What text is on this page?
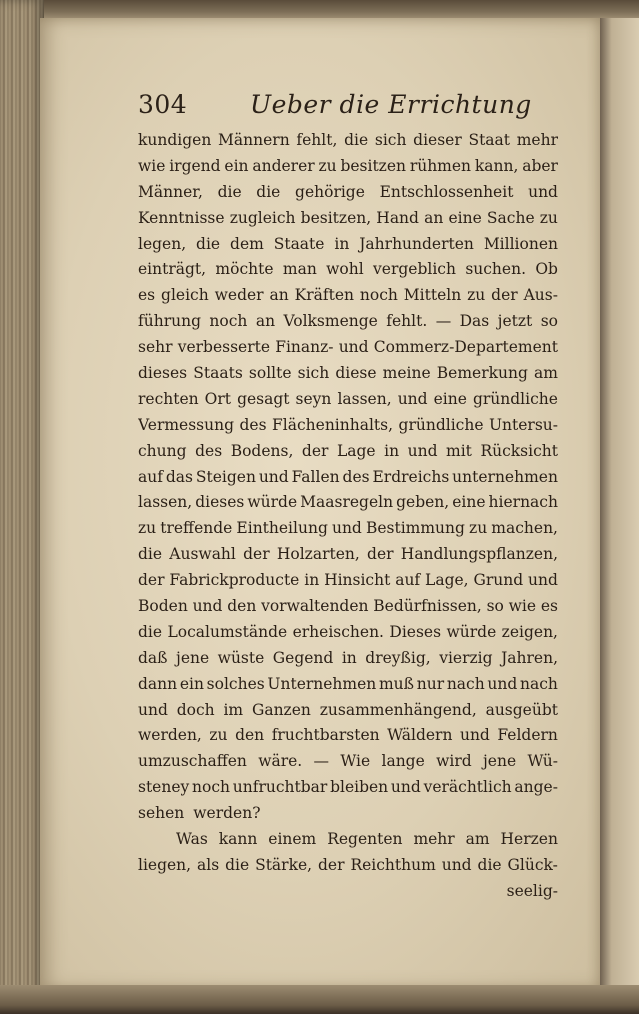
304	Ueber die Errichtung
kundigen Männern fehlt, die sich dieser Staat mehr
wie irgend ein anderer zu besitzen rühmen kann, aber
Männer, die die gehörige Entschlossenheit und
Kenntnisse zugleich besitzen, Hand an eine Sache zu
legen, die dem Staate in Jahrhunderten Millionen
einträgt, möchte man wohl vergeblich suchen. Ob
es gleich weder an Kräften noch Mitteln zu der Aus-
führung noch an Volksmenge fehlt. — Das jetzt so
sehr verbesserte Finanz- und Commerz-Departement
dieses Staats sollte sich diese meine Bemerkung am
rechten Ort gesagt seyn lassen, und eine gründliche
Vermessung des Flächeninhalts, gründliche Untersu-
chung des Bodens, der Lage in und mit Rücksicht
auf das Steigen und Fallen des Erdreichs unternehmen
lassen, dieses würde Maasregeln geben, eine hiernach
zu treffende Eintheilung und Bestimmung zu machen,
die Auswahl der Holzarten, der Handlungspflanzen,
der Fabrickproducte in Hinsicht auf Lage, Grund und
Boden und den vorwaltenden Bedürfnissen, so wie es
die Localumstände erheischen. Dieses würde zeigen,
daß jene wüste Gegend in dreyßig, vierzig Jahren,
dann ein solches Unternehmen muß nur nach und nach
und doch im Ganzen zusammenhängend, ausgeübt
werden, zu den fruchtbarsten Wäldern und Feldern
umzuschaffen wäre. — Wie lange wird jene Wü-
steney noch unfruchtbar bleiben und verächtlich ange-
sehen werden?
Was kann einem Regenten mehr am Herzen
liegen, als die Stärke, der Reichthum und die Glück-
seelig-
